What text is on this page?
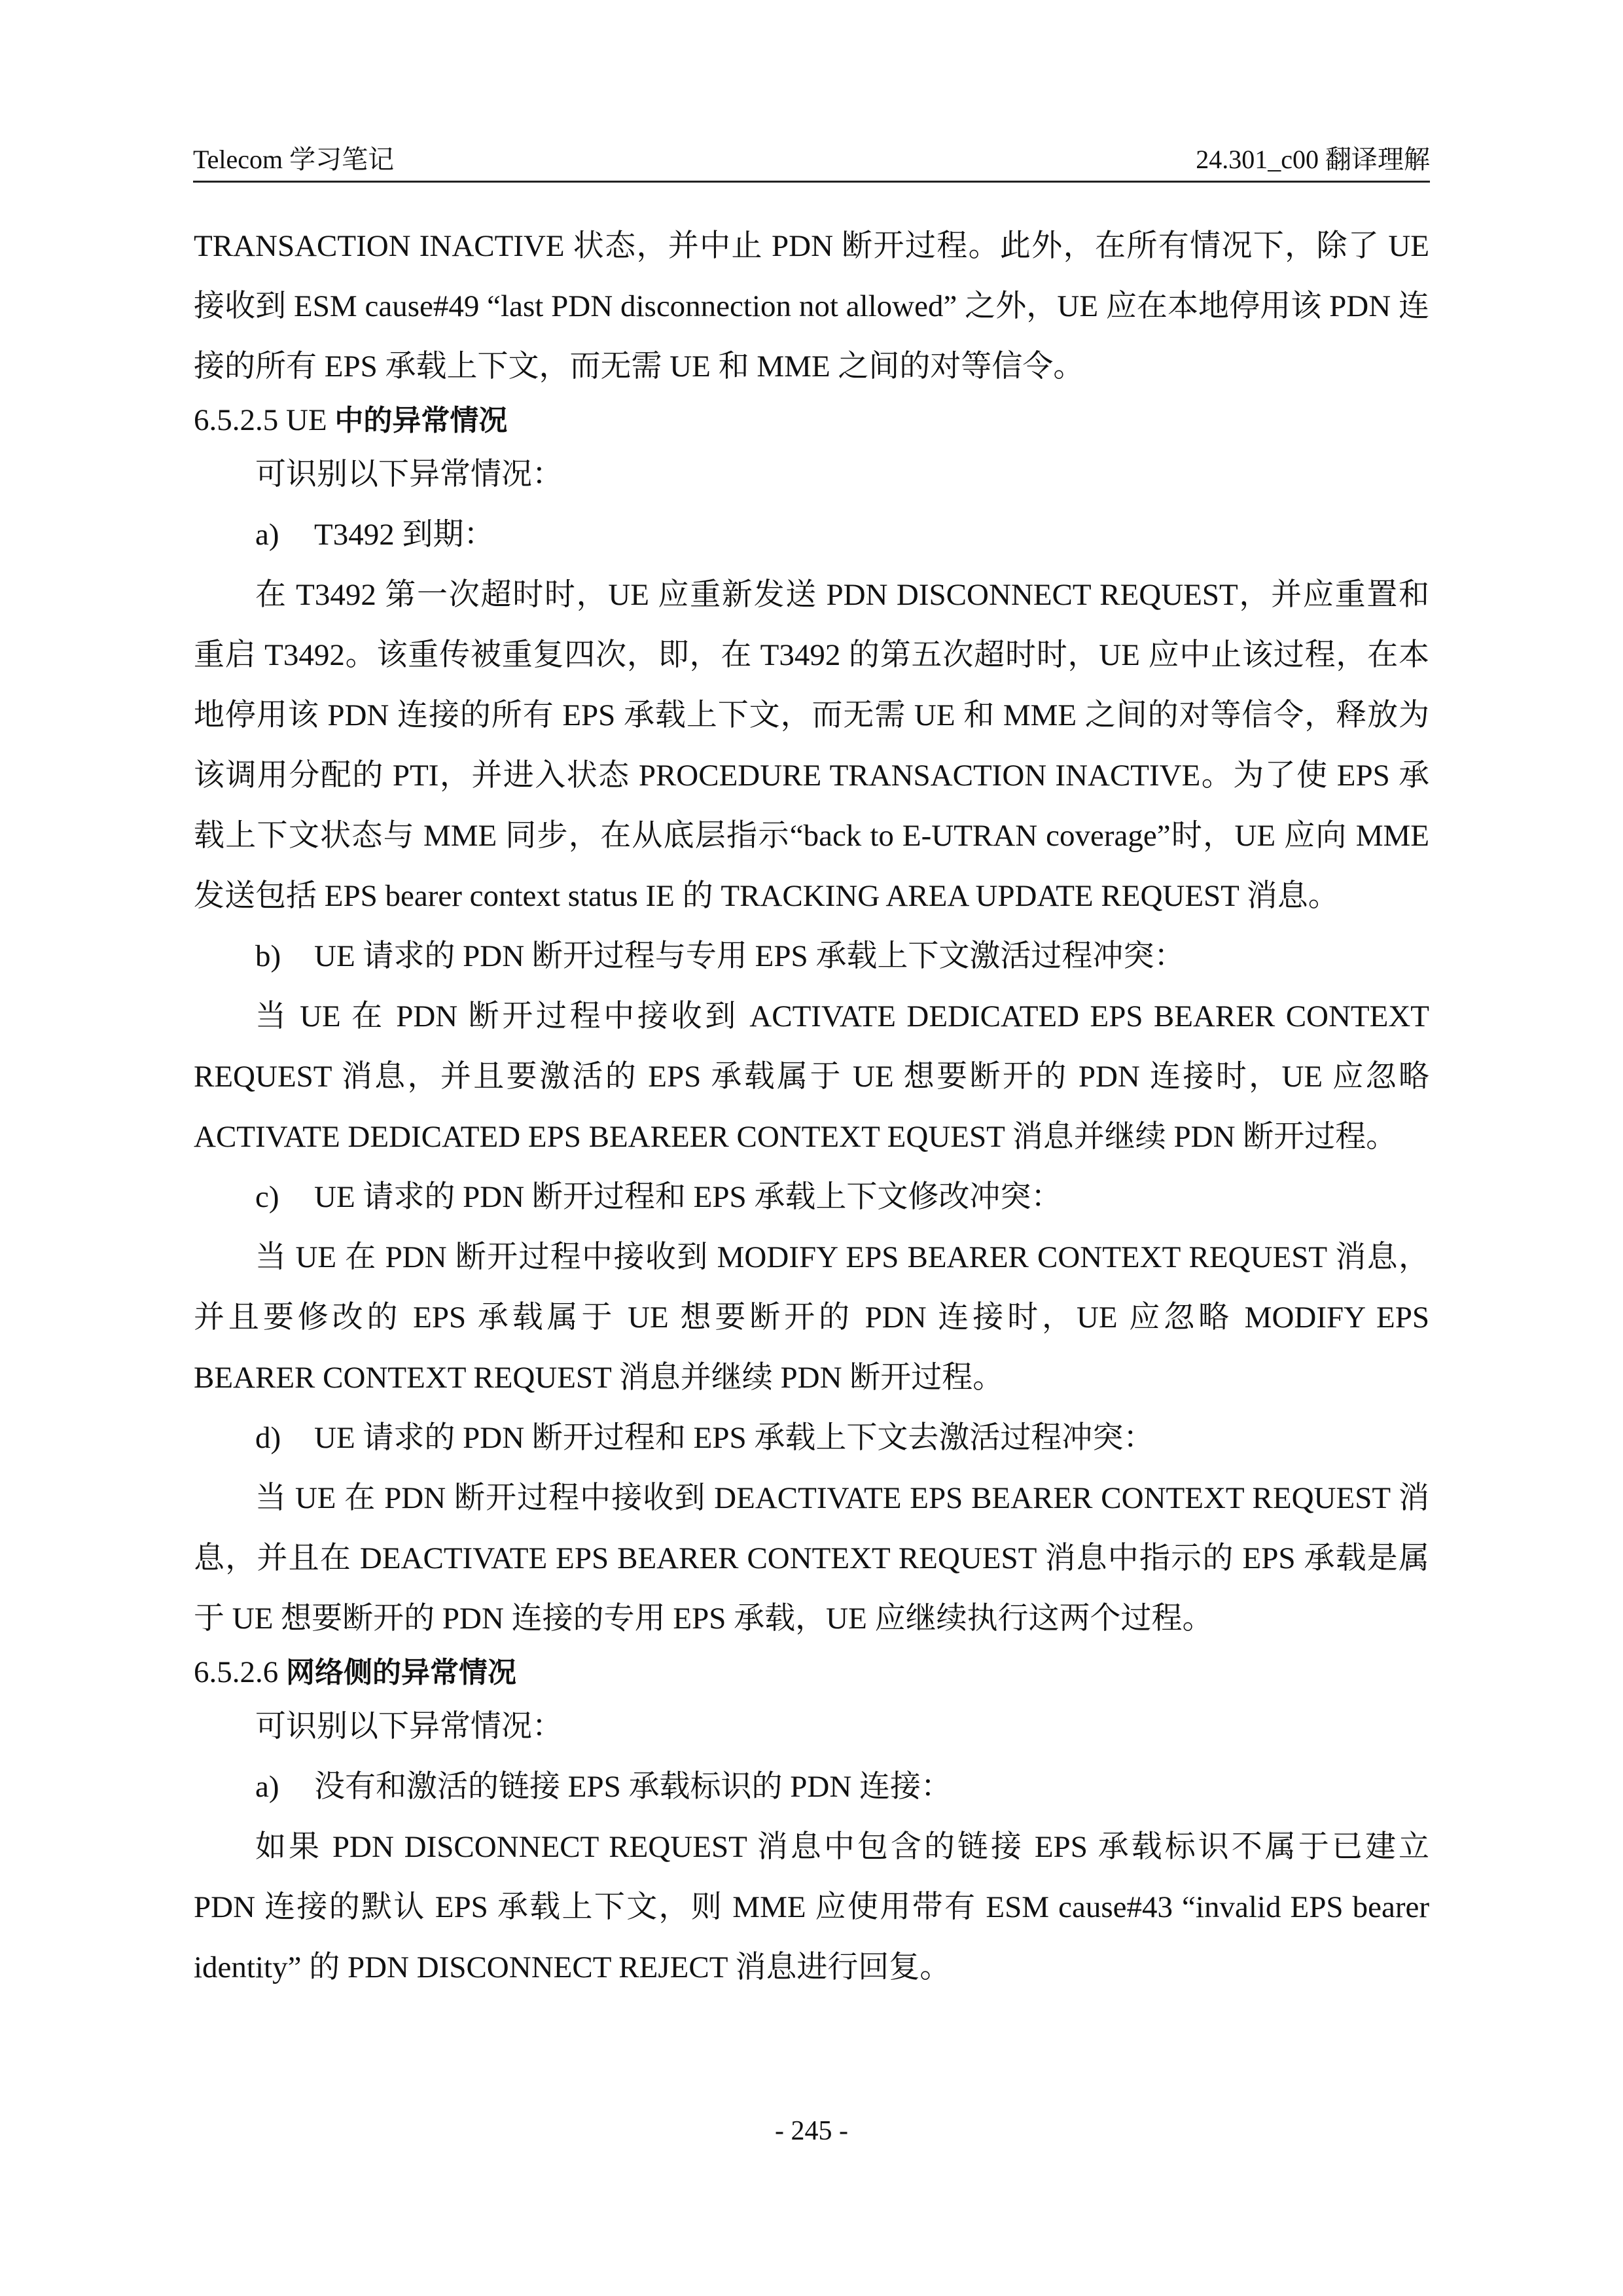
Telecom 学习笔记	24.301_c00 翻译理解

TRANSACTION INACTIVE 状态，并中止 PDN 断开过程。此外，在所有情况下，除了 UE 接收到 ESM cause#49 “last PDN disconnection not allowed” 之外，UE 应在本地停用该 PDN 连接的所有 EPS 承载上下文，而无需 UE 和 MME 之间的对等信令。

6.5.2.5 UE 中的异常情况

可识别以下异常情况：

a) T3492 到期：

在 T3492 第一次超时时，UE 应重新发送 PDN DISCONNECT REQUEST，并应重置和重启 T3492。该重传被重复四次，即，在 T3492 的第五次超时时，UE 应中止该过程，在本地停用该 PDN 连接的所有 EPS 承载上下文，而无需 UE 和 MME 之间的对等信令，释放为该调用分配的 PTI，并进入状态 PROCEDURE TRANSACTION INACTIVE。为了使 EPS 承载上下文状态与 MME 同步，在从底层指示“back to E-UTRAN coverage”时，UE 应向 MME 发送包括 EPS bearer context status IE 的 TRACKING AREA UPDATE REQUEST 消息。

b) UE 请求的 PDN 断开过程与专用 EPS 承载上下文激活过程冲突：

当 UE 在 PDN 断开过程中接收到 ACTIVATE DEDICATED EPS BEARER CONTEXT REQUEST 消息，并且要激活的 EPS 承载属于 UE 想要断开的 PDN 连接时，UE 应忽略 ACTIVATE DEDICATED EPS BEAREER CONTEXT EQUEST 消息并继续 PDN 断开过程。

c) UE 请求的 PDN 断开过程和 EPS 承载上下文修改冲突：

当 UE 在 PDN 断开过程中接收到 MODIFY EPS BEARER CONTEXT REQUEST 消息，并且要修改的 EPS 承载属于 UE 想要断开的 PDN 连接时，UE 应忽略 MODIFY EPS BEARER CONTEXT REQUEST 消息并继续 PDN 断开过程。

d) UE 请求的 PDN 断开过程和 EPS 承载上下文去激活过程冲突：

当 UE 在 PDN 断开过程中接收到 DEACTIVATE EPS BEARER CONTEXT REQUEST 消息，并且在 DEACTIVATE EPS BEARER CONTEXT REQUEST 消息中指示的 EPS 承载是属于 UE 想要断开的 PDN 连接的专用 EPS 承载，UE 应继续执行这两个过程。

6.5.2.6 网络侧的异常情况

可识别以下异常情况：

a) 没有和激活的链接 EPS 承载标识的 PDN 连接：

如果 PDN DISCONNECT REQUEST 消息中包含的链接 EPS 承载标识不属于已建立 PDN 连接的默认 EPS 承载上下文，则 MME 应使用带有 ESM cause#43 “invalid EPS bearer identity” 的 PDN DISCONNECT REJECT 消息进行回复。

- 245 -
